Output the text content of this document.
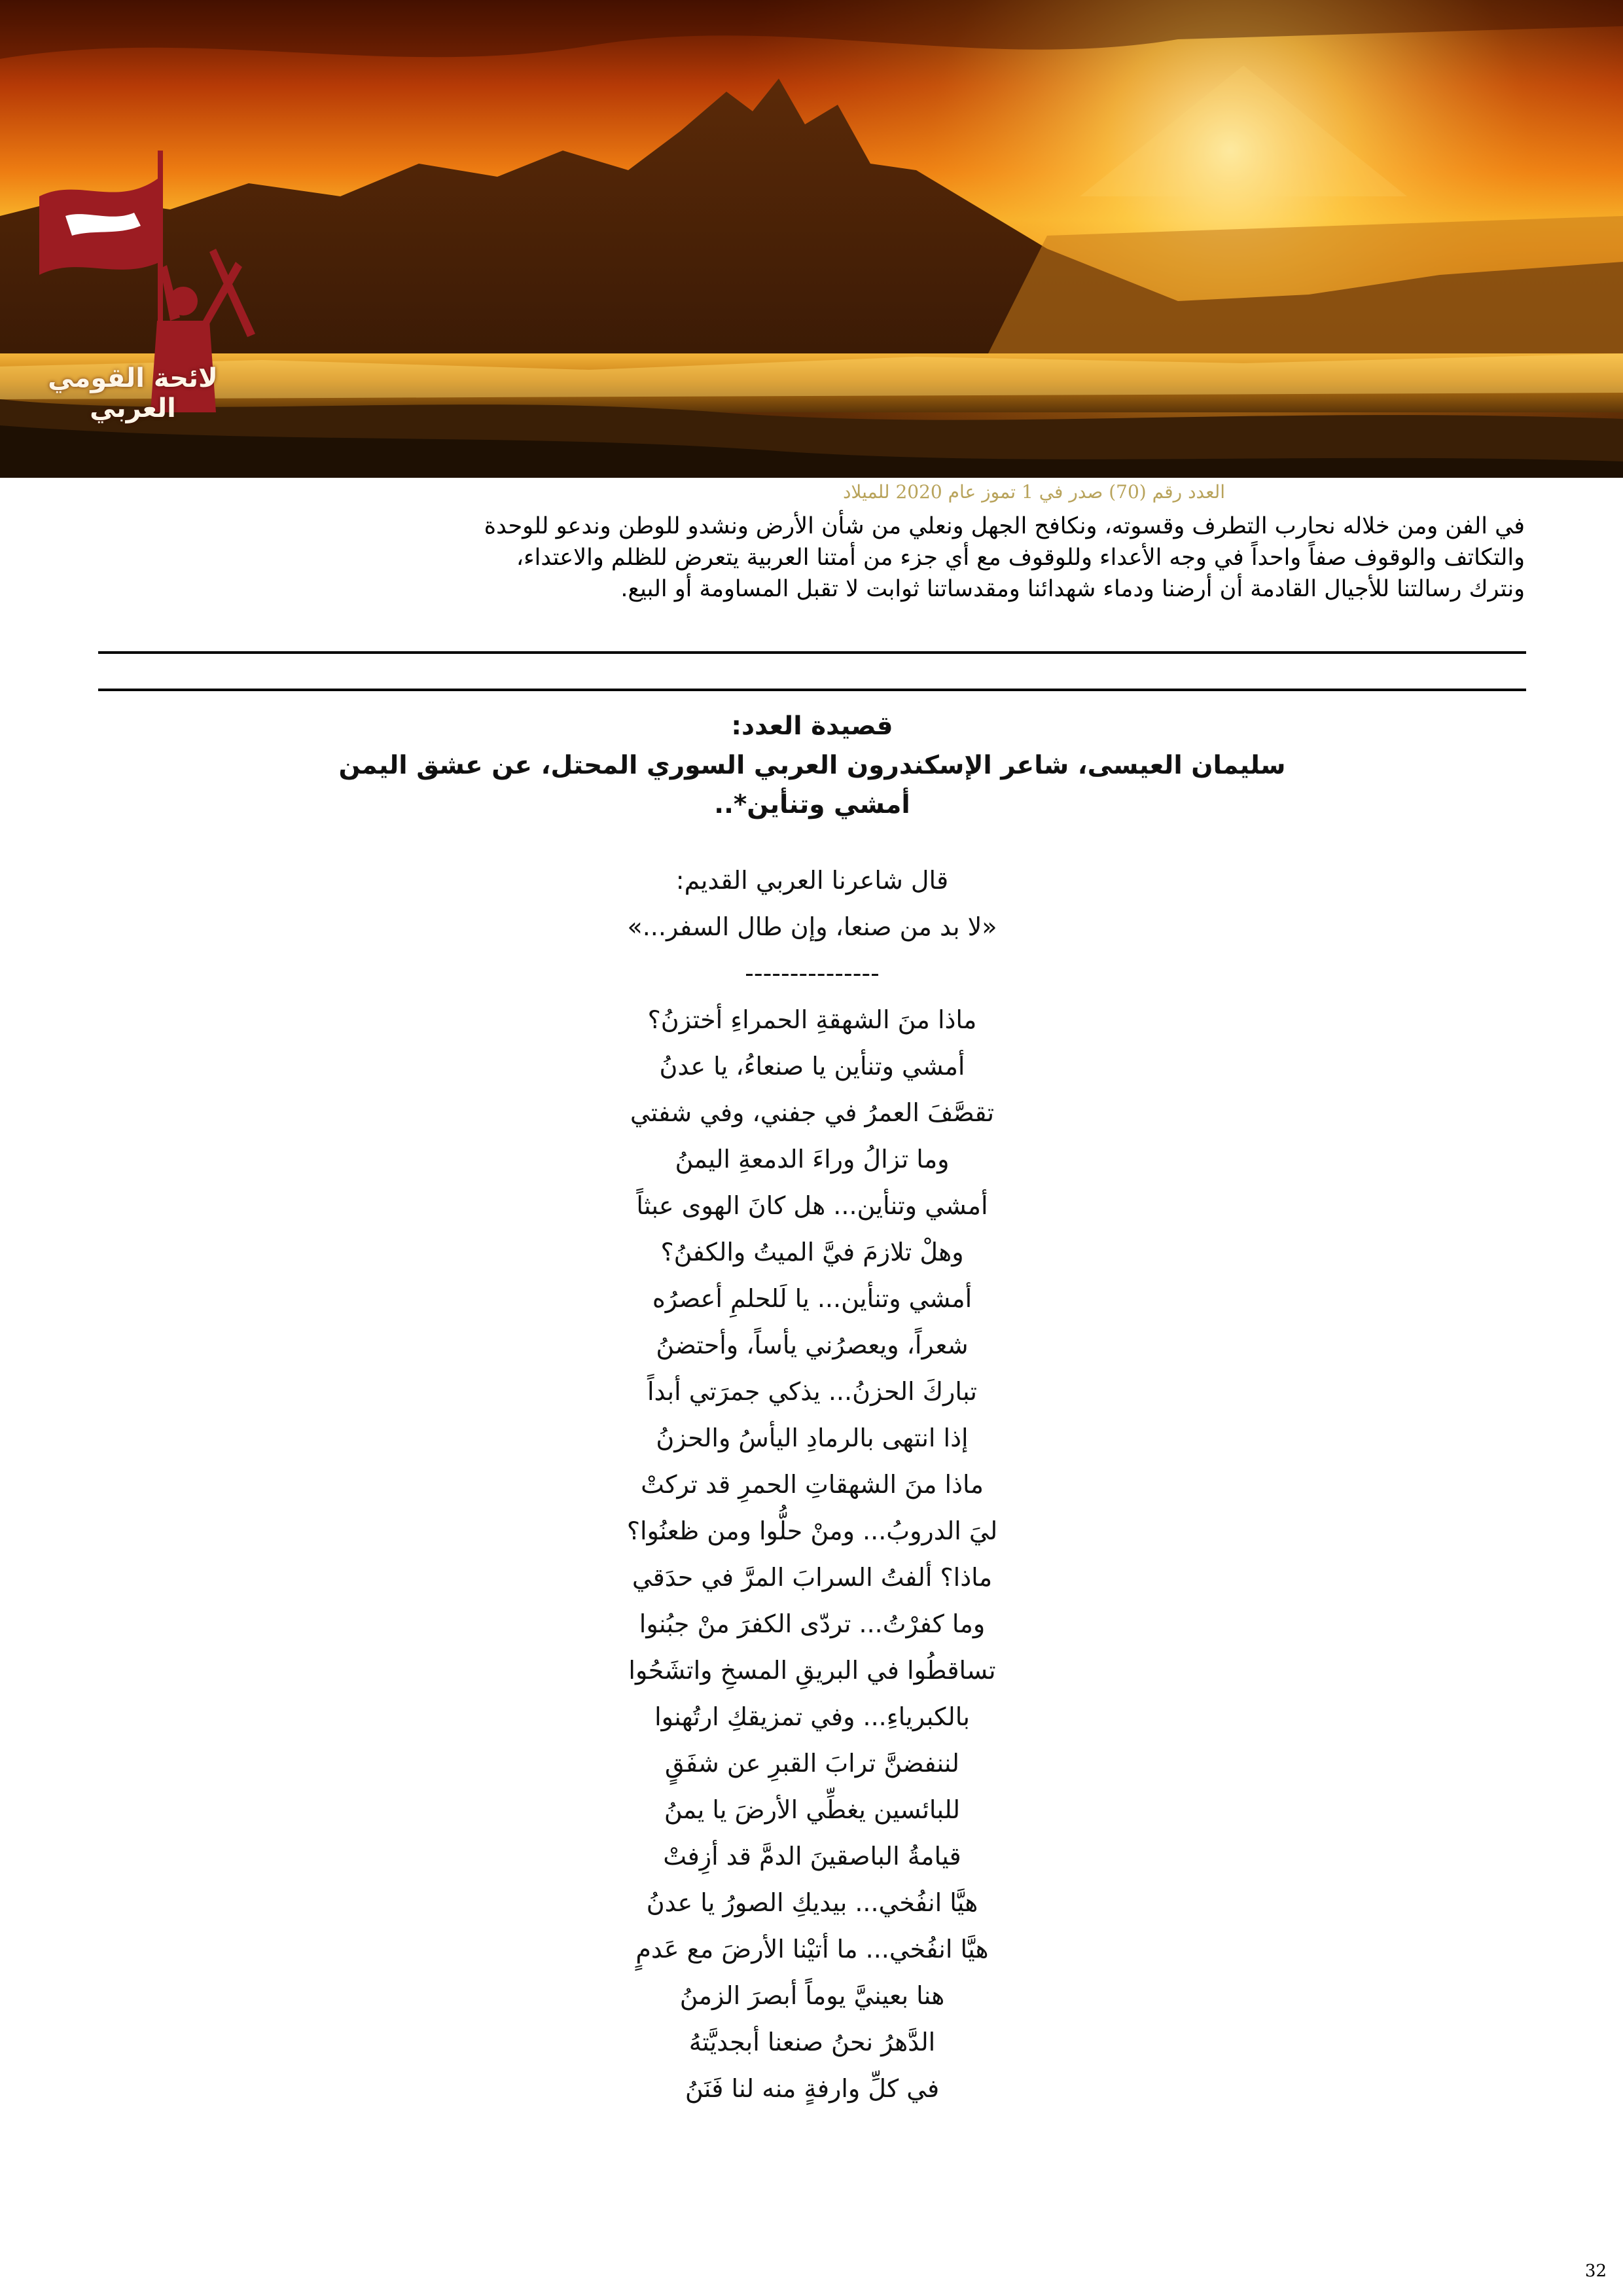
لائحة القومي العربي
العدد رقم (70) صدر في 1 تموز عام 2020 للميلاد
في الفن ومن خلاله نحارب التطرف وقسوته، ونكافح الجهل ونعلي من شأن الأرض ونشدو للوطن وندعو للوحدة
والتكاتف والوقوف صفاً واحداً في وجه الأعداء وللوقوف مع أي جزء من أمتنا العربية يتعرض للظلم والاعتداء،
ونترك رسالتنا للأجيال القادمة أن أرضنا ودماء شهدائنا ومقدساتنا ثوابت لا تقبل المساومة أو البيع.
قصيدة العدد:
سليمان العيسى، شاعر الإسكندرون العربي السوري المحتل، عن عشق اليمن
أمشي وتنأين*..
قال شاعرنا العربي القديم:
«لا بد من صنعا، وإن طال السفر...»
---------------
ماذا منَ الشهقةِ الحمراءِ أختزنُ؟
أمشي وتنأين يا صنعاءُ، يا عدنُ
تقصَّفَ العمرُ في جفني، وفي شفتي
وما تزالُ وراءَ الدمعةِ اليمنُ
أمشي وتنأين... هل كانَ الهوى عبثاً
وهلْ تلازمَ فيَّ الميتُ والكفنُ؟
أمشي وتنأين... يا لَلحلمِ أعصرُه
شعراً، ويعصرُني يأساً، وأحتضنُ
تباركَ الحزنُ... يذكي جمرَتي أبداً
إذا انتهى بالرمادِ اليأسُ والحزنُ
ماذا منَ الشهقاتِ الحمرِ قد تركتْ
ليَ الدروبُ... ومنْ حلُّوا ومن ظعنُوا؟
ماذا؟ ألفتُ السرابَ المرَّ في حدَقي
وما كفرْتُ... تردّى الكفرَ منْ جبُنوا
تساقطُوا في البريقِ المسخِ واتشَحُوا
بالكبرياءِ... وفي تمزيقكِ ارتُهنوا
لننفضنَّ ترابَ القبرِ عن شفَقٍ
للبائسين يغطِّي الأرضَ يا يمنُ
قيامةُ الباصقينَ الدمَّ قد أزِفتْ
هيَّا انفُخي... بيديكِ الصورُ يا عدنُ
هيَّا انفُخي... ما أتيْنا الأرضَ مع عَدمٍ
هنا بعينيَّ يوماً أبصرَ الزمنُ
الدَّهرُ نحنُ صنعنا أبجديَّتهُ
في كلِّ وارفةٍ منه لنا فَنَنُ
32
